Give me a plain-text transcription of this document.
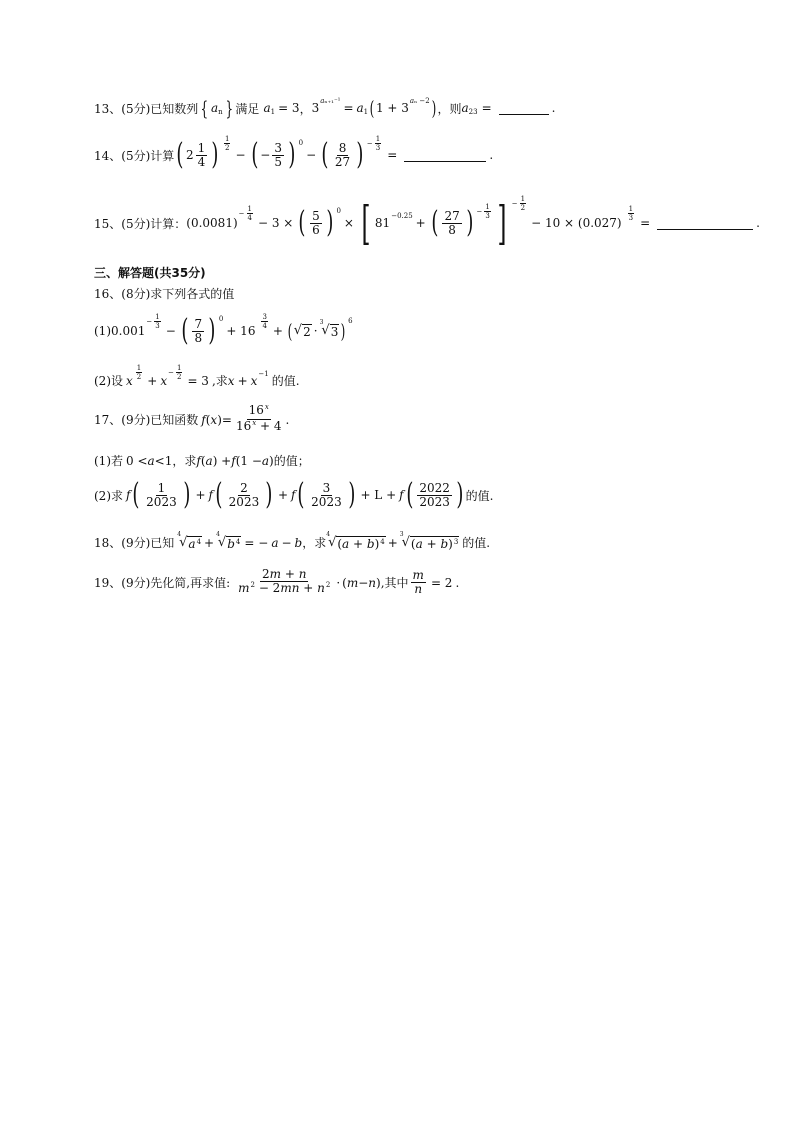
13、(5分)已知数列 { a n } 满足 a 1 = 3 ， 3 aₙ₊₁⁻¹ = a 1 ( 1 + 3 aₙ −2 ) ，则 a 23 =	.
14、(5分)计算 ( $2 \frac{1}{4}$ ) $\frac{1}{2}$
− ( − $\frac{3}{5}$ ) 0
− ( $\frac{8}{27}$ ) − $\frac{1}{3}$
=	.
15、(5分)计算： (0.0081)
− $\frac{1}{4}$
− 3 × ( $\frac{5}{6}$ ) 0
× [ 81 −0.25 + ( $\frac{27}{8}$ ) − $\frac{1}{3}$ ] − $\frac{1}{2}$
− 10 × (0.027)
$\frac{1}{3}$
=	.
三、解答题(共35分)
16、(8分)求下列各式的值
(1) 0.001
− $\frac{1}{3}$
− ( $\frac{7}{8}$ ) 0
+ 16
$\frac{3}{4}$
+ ( √ 2 ·
3
√ 3 ) 6
(2)设 x $\frac{1}{2} + x$
− $\frac{1}{2} = 3$ ,求 x + x −1
的值.
17、(9分)已知函数 f ( x )= $\frac{16^x}{16^x + 4}$ .
(1)若 0 < a <1 ，求 f ( a ) + f (1 − a ) 的值；
(2)求 f ( $\frac{1}{2023}$ ) + f ( $\frac{2}{2023}$ ) + f ( $\frac{3}{2023}$ ) + L + f ( $\frac{2022}{2023}$ ) 的值.
18、(9分)已知
4
√ $a^4$ +
4
√ $b^4$ = − a − b ，求
4
√ $(a + b)^4$ +
3
√ $(a + b)^3$ 的值.
19、(9分)先化简,再求值: $\frac{2m + n}{m^2 - 2mn + n^2}$ · ( m − n ) ,其中 $\frac{m}{n} = 2$ .
